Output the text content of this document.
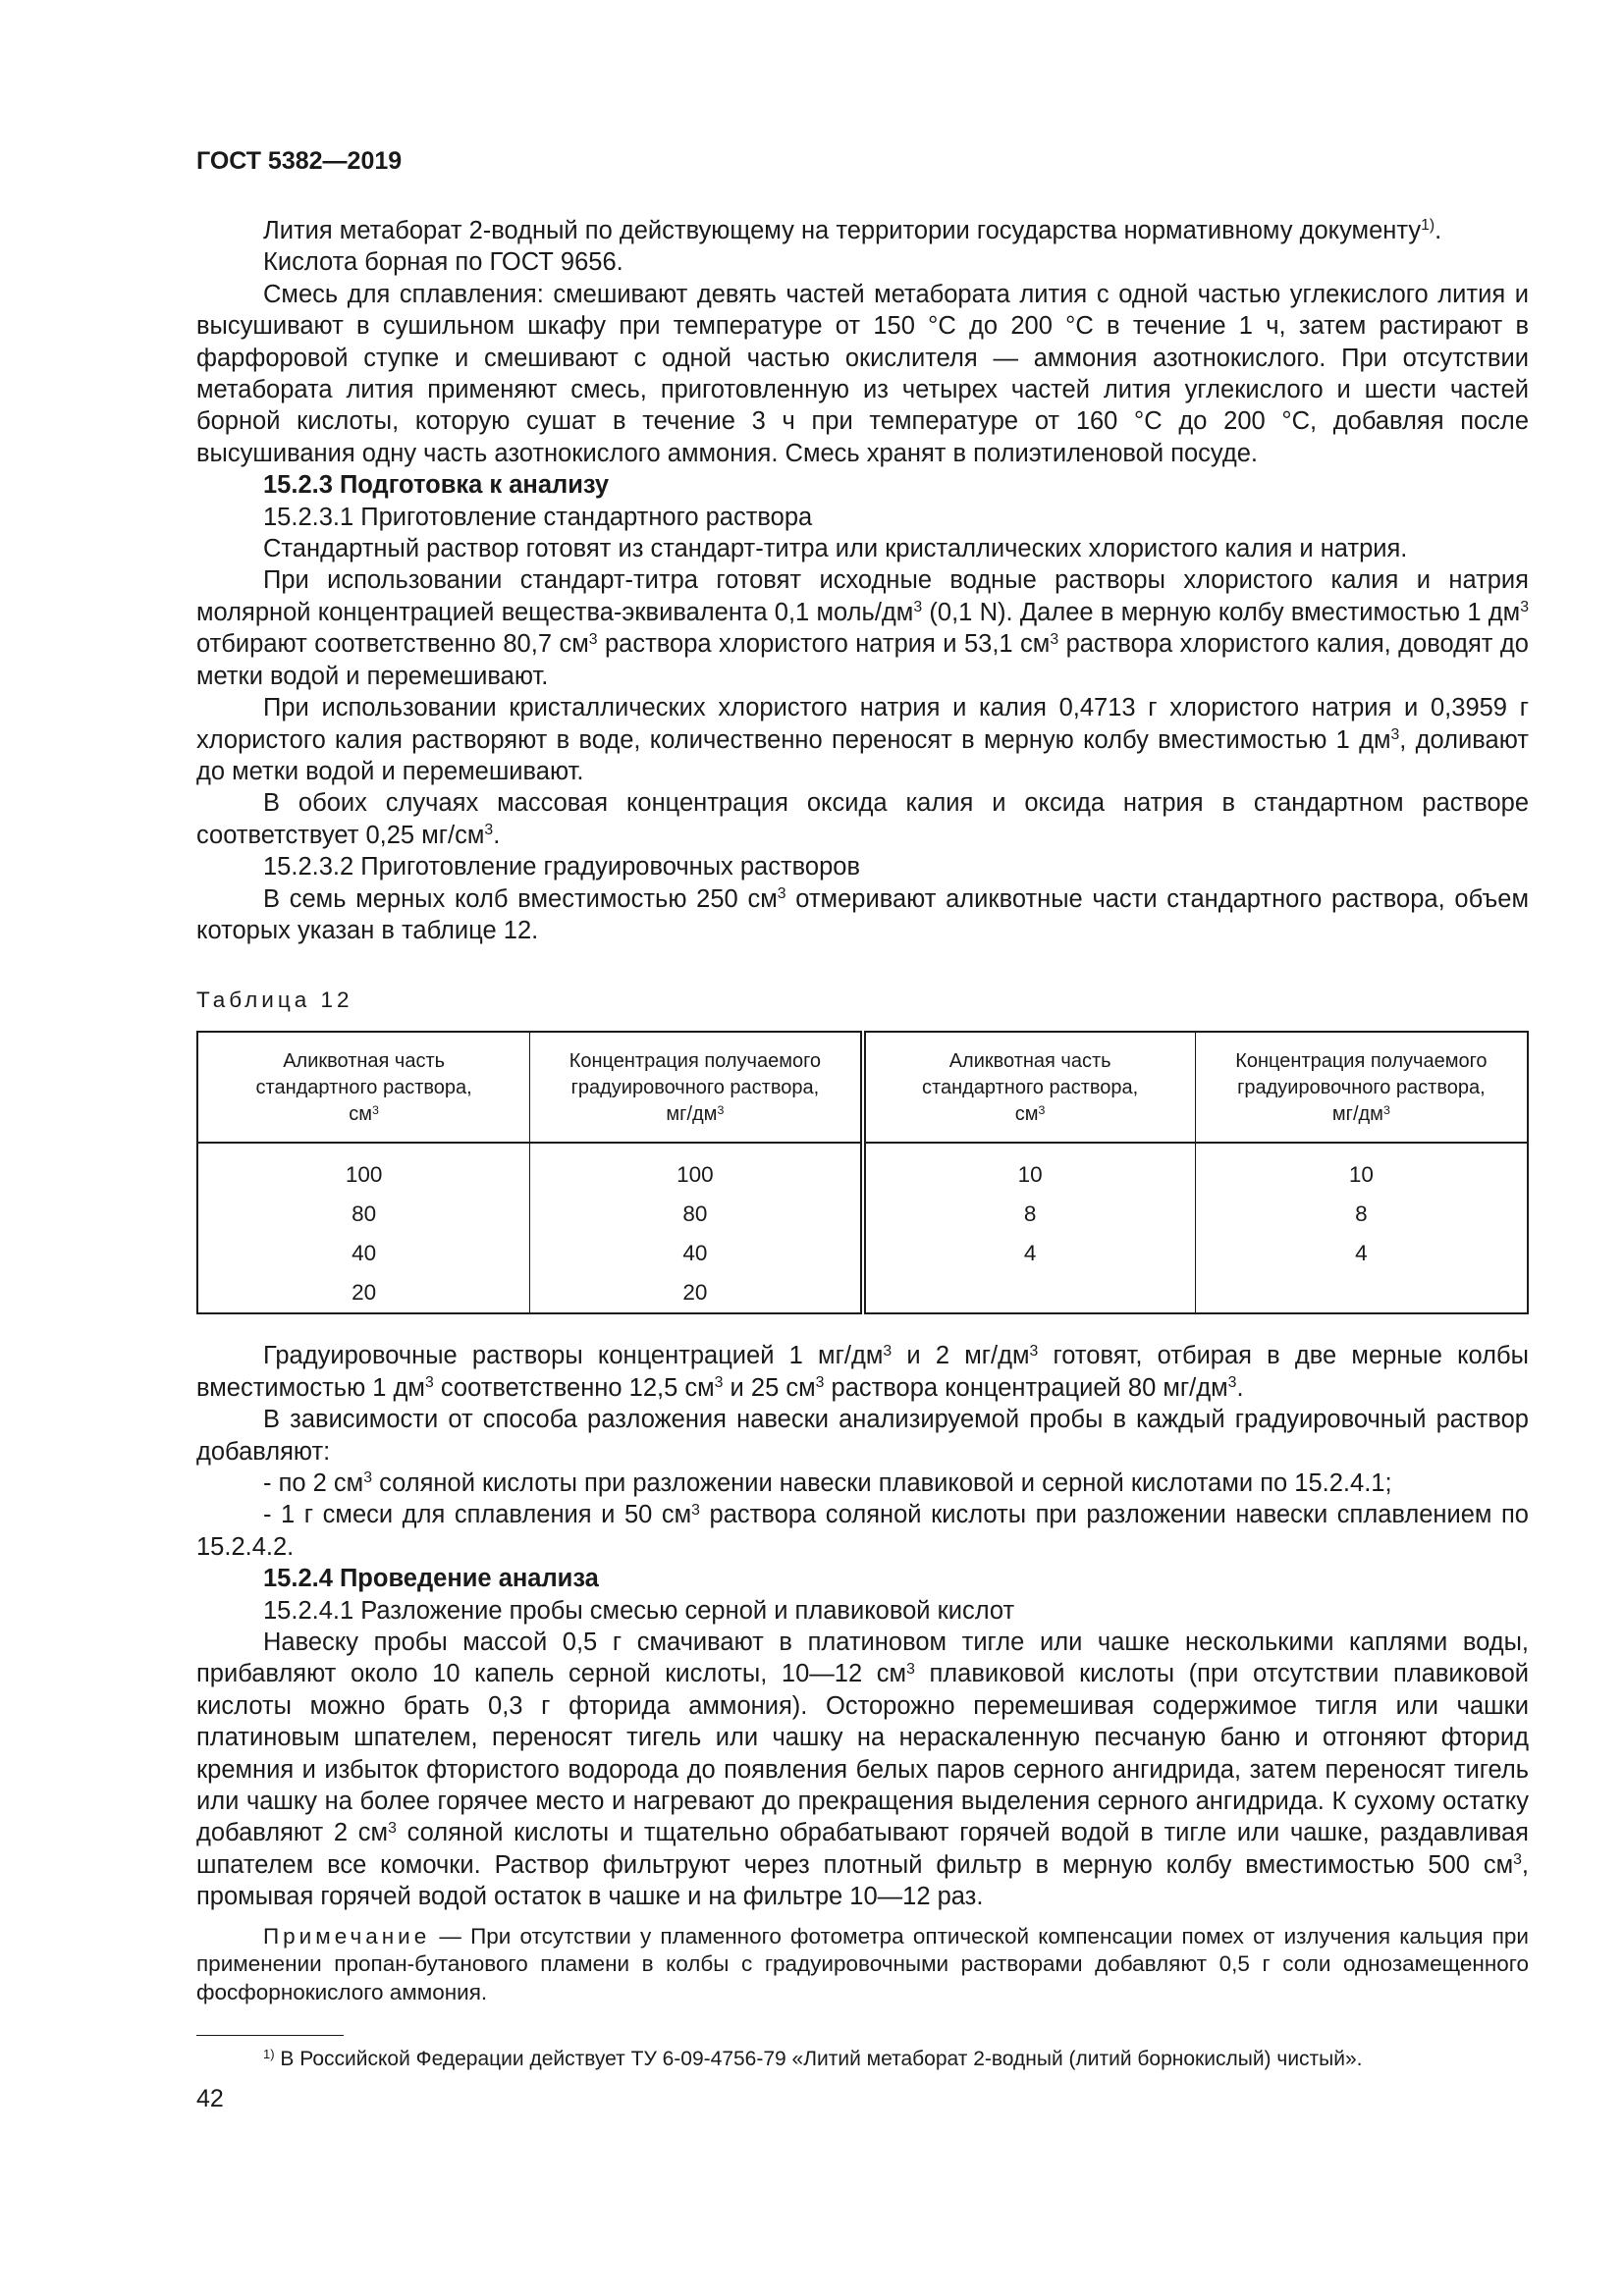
ГОСТ 5382—2019

Лития метаборат 2-водный по действующему на территории государства нормативному документу$^{1)}$.

Кислота борная по ГОСТ 9656.

Смесь для сплавления: смешивают девять частей метабората лития с одной частью углекислого лития и высушивают в сушильном шкафу при температуре от 150 °С до 200 °С в течение 1 ч, затем растирают в фарфоровой ступке и смешивают с одной частью окислителя — аммония азотнокислого. При отсутствии метабората лития применяют смесь, приготовленную из четырех частей лития углекислого и шести частей борной кислоты, которую сушат в течение 3 ч при температуре от 160 °С до 200 °С, добавляя после высушивания одну часть азотнокислого аммония. Смесь хранят в полиэтиленовой посуде.

15.2.3 Подготовка к анализу

15.2.3.1 Приготовление стандартного раствора

Стандартный раствор готовят из стандарт-титра или кристаллических хлористого калия и натрия.

При использовании стандарт-титра готовят исходные водные растворы хлористого калия и натрия молярной концентрацией вещества-эквивалента 0,1 моль/$дм^3$ (0,1 N). Далее в мерную колбу вместимостью 1 $дм^3$ отбирают соответственно 80,7 $см^3$ раствора хлористого натрия и 53,1 $см^3$ раствора хлористого калия, доводят до метки водой и перемешивают.

При использовании кристаллических хлористого натрия и калия 0,4713 г хлористого натрия и 0,3959 г хлористого калия растворяют в воде, количественно переносят в мерную колбу вместимостью 1 $дм^3$, доливают до метки водой и перемешивают.

В обоих случаях массовая концентрация оксида калия и оксида натрия в стандартном растворе соответствует 0,25 $мг/см^3$.

15.2.3.2 Приготовление градуировочных растворов

В семь мерных колб вместимостью 250 $см^3$ отмеривают аликвотные части стандартного раствора, объем которых указан в таблице 12.

Таблица 12
Аликвотная часть
стандартного раствора,
$см^3$	Концентрация получаемого
градуировочного раствора,
$мг/дм^3$	Аликвотная часть
стандартного раствора,
$см^3$	Концентрация получаемого
градуировочного раствора,
$мг/дм^3$
100	100	10	10
80	80	8	8
40	40	4	4
20	20		

Градуировочные растворы концентрацией 1 $мг/дм^3$ и 2 $мг/дм^3$ готовят, отбирая в две мерные колбы вместимостью 1 $дм^3$ соответственно 12,5 $см^3$ и 25 $см^3$ раствора концентрацией 80 $мг/дм^3$.

В зависимости от способа разложения навески анализируемой пробы в каждый градуировочный раствор добавляют:

- по 2 $см^3$ соляной кислоты при разложении навески плавиковой и серной кислотами по 15.2.4.1;

- 1 г смеси для сплавления и 50 $см^3$ раствора соляной кислоты при разложении навески сплавлением по 15.2.4.2.

15.2.4 Проведение анализа

15.2.4.1 Разложение пробы смесью серной и плавиковой кислот

Навеску пробы массой 0,5 г смачивают в платиновом тигле или чашке несколькими каплями воды, прибавляют около 10 капель серной кислоты, 10—12 $см^3$ плавиковой кислоты (при отсутствии плавиковой кислоты можно брать 0,3 г фторида аммония). Осторожно перемешивая содержимое тигля или чашки платиновым шпателем, переносят тигель или чашку на нераскаленную песчаную баню и отгоняют фторид кремния и избыток фтористого водорода до появления белых паров серного ангидрида, затем переносят тигель или чашку на более горячее место и нагревают до прекращения выделения серного ангидрида. К сухому остатку добавляют 2 $см^3$ соляной кислоты и тщательно обрабатывают горячей водой в тигле или чашке, раздавливая шпателем все комочки. Раствор фильтруют через плотный фильтр в мерную колбу вместимостью 500 $см^3$, промывая горячей водой остаток в чашке и на фильтре 10—12 раз.

Примечание — При отсутствии у пламенного фотометра оптической компенсации помех от излучения кальция при применении пропан-бутанового пламени в колбы с градуировочными растворами добавляют 0,5 г соли однозамещенного фосфорнокислого аммония.

$^{1)}$ В Российской Федерации действует ТУ 6-09-4756-79 «Литий метаборат 2-водный (литий борнокислый) чистый».

42
